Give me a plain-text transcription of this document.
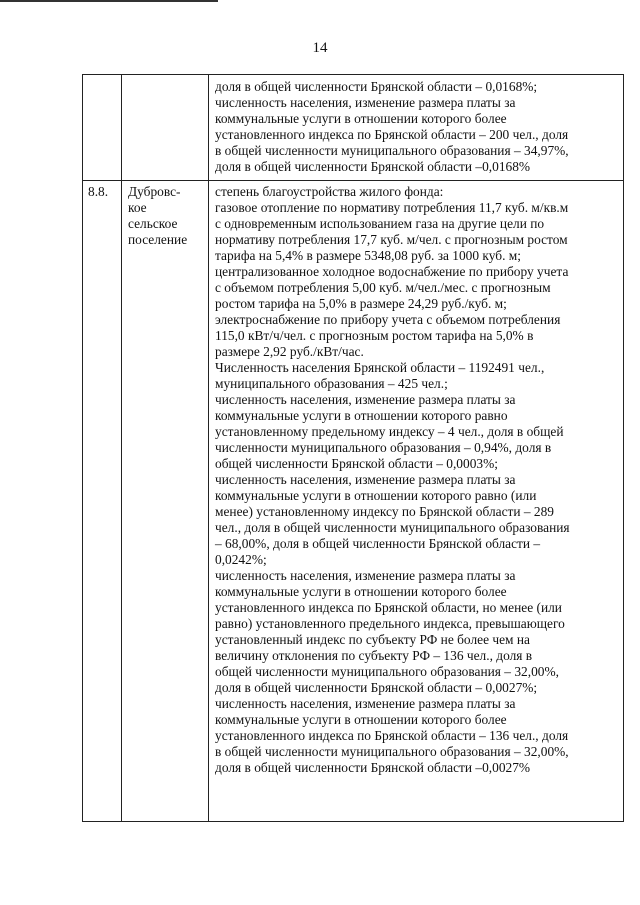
14
доля в общей численности Брянской области – 0,0168%;
численность населения, изменение размера платы за
коммунальные услуги в отношении которого более
установленного индекса по Брянской области – 200 чел., доля
в общей численности муниципального образования – 34,97%,
доля в общей численности Брянской области –0,0168%
8.8. Дубровс-
кое
сельское
поселение
степень благоустройства жилого фонда:
газовое отопление по нормативу потребления 11,7 куб. м/кв.м
с одновременным использованием газа на другие цели по
нормативу потребления 17,7 куб. м/чел. с прогнозным ростом
тарифа на 5,4% в размере 5348,08 руб. за 1000 куб. м;
централизованное холодное водоснабжение по прибору учета
с объемом потребления 5,00 куб. м/чел./мес. с прогнозным
ростом тарифа на 5,0% в размере 24,29 руб./куб. м;
электроснабжение по прибору учета с объемом потребления
115,0 кВт/ч/чел. с прогнозным ростом тарифа на 5,0% в
размере 2,92 руб./кВт/час.
Численность населения Брянской области – 1192491 чел.,
муниципального образования – 425 чел.;
численность населения, изменение размера платы за
коммунальные услуги в отношении которого равно
установленному предельному индексу – 4 чел., доля в общей
численности муниципального образования – 0,94%, доля в
общей численности Брянской области – 0,0003%;
численность населения, изменение размера платы за
коммунальные услуги в отношении которого равно (или
менее) установленному индексу по Брянской области – 289
чел., доля в общей численности муниципального образования
– 68,00%, доля в общей численности Брянской области –
0,0242%;
численность населения, изменение размера платы за
коммунальные услуги в отношении которого более
установленного индекса по Брянской области, но менее (или
равно) установленного предельного индекса, превышающего
установленный индекс по субъекту РФ не более чем на
величину отклонения по субъекту РФ – 136 чел., доля в
общей численности муниципального образования – 32,00%,
доля в общей численности Брянской области – 0,0027%;
численность населения, изменение размера платы за
коммунальные услуги в отношении которого более
установленного индекса по Брянской области – 136 чел., доля
в общей численности муниципального образования – 32,00%,
доля в общей численности Брянской области –0,0027%
